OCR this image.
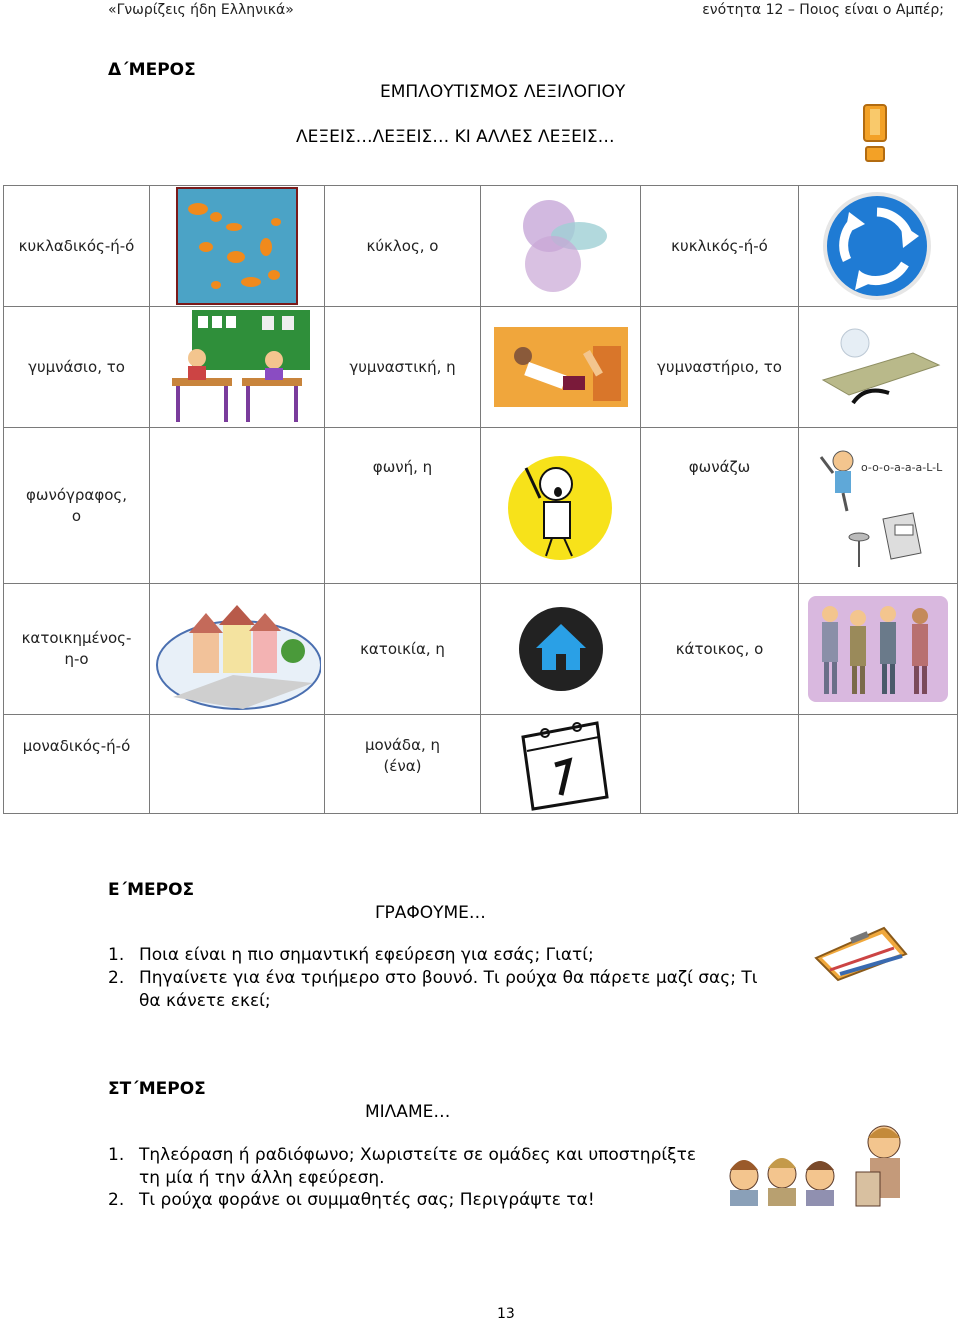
«Γνωρίζεις ήδη Ελληνικά»	ενότητα 12 – Ποιος είναι ο Αμπέρ;
Δ΄ΜΕΡΟΣ
ΕΜΠΛΟΥΤΙΣΜΟΣ ΛΕΞΙΛΟΓΙΟΥ
ΛΕΞΕΙΣ…ΛΕΞΕΙΣ… ΚΙ ΑΛΛΕΣ ΛΕΞΕΙΣ…
κυκλαδικός-ή-ό		κύκλος, ο		κυκλικός-ή-ό

γυμνάσιο, το		γυμναστική, η		γυμναστήριο, το

φωνόγραφος,
ο		φωνή, η		φωνάζω	o-o-o-a-a-a-L-L

κατοικημένος-
η-ο		κατοικία, η		κάτοικος, ο

μοναδικός-ή-ό		μονάδα, η
(ένα)

Ε΄ΜΕΡΟΣ
ΓΡΑΦΟΥΜΕ…
1. Ποια είναι η πιο σημαντική εφεύρεση για εσάς; Γιατί;
2. Πηγαίνετε για ένα τριήμερο στο βουνό. Τι ρούχα θα πάρετε μαζί σας; Τι
θα κάνετε εκεί;
ΣΤ΄ΜΕΡΟΣ
ΜΙΛΑΜΕ…
1. Τηλεόραση ή ραδιόφωνο; Χωριστείτε σε ομάδες και υποστηρίξτε
τη μία ή την άλλη εφεύρεση.
2. Τι ρούχα φοράνε οι συμμαθητές σας; Περιγράψτε τα!
13
